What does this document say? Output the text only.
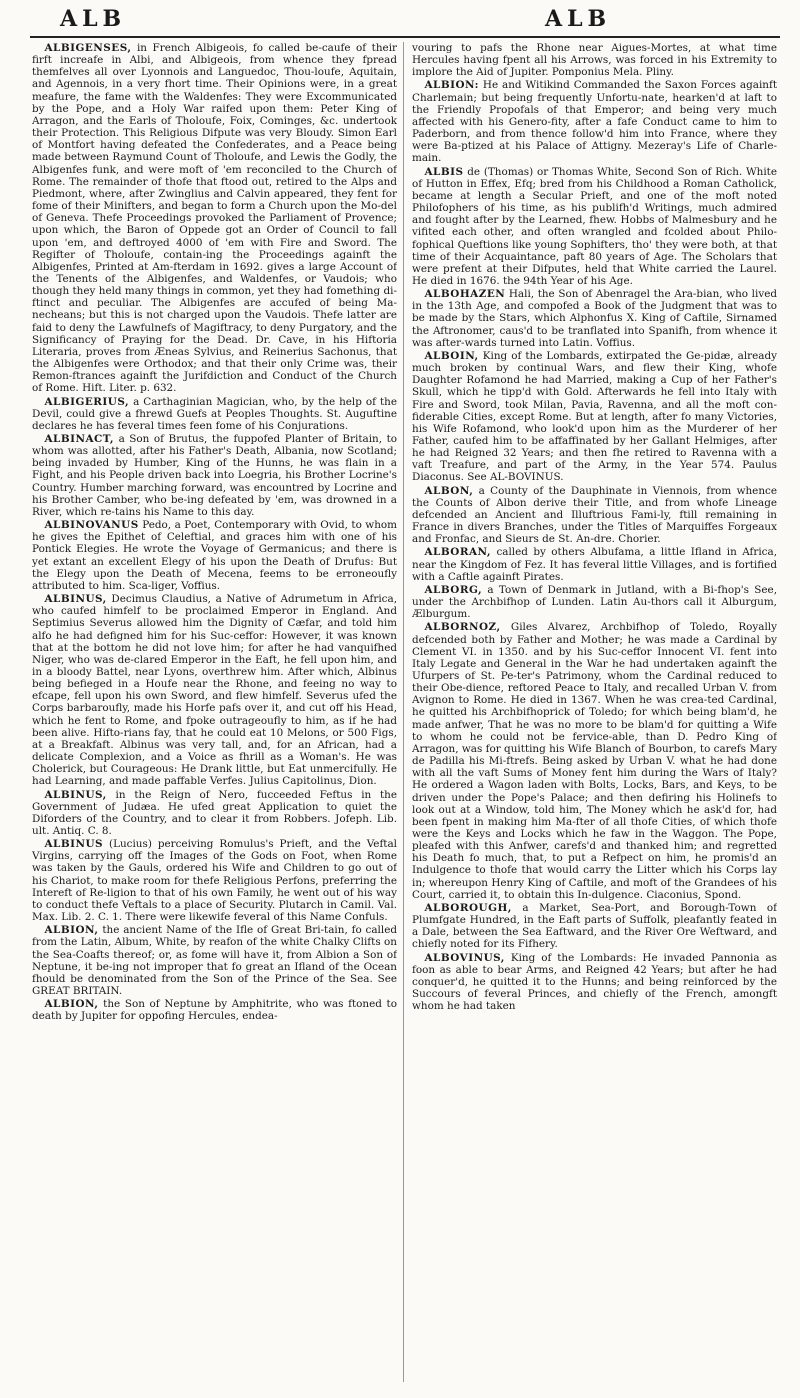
ALB	ALB

ALBIGENSES, in French Albigeois, fo called be-caufe of their firft increafe in Albi, and Albigeois, from whence they fpread themfelves all over Lyonnois and Languedoc, Thou-loufe, Aquitain, and Agennois, in a very fhort time. Their Opinions were, in a great meafure, the fame with the Waldenfes: They were Excommunicated by the Pope, and a Holy War raifed upon them: Peter King of Arragon, and the Earls of Tholoufe, Foix, Cominges, &c. undertook their Protection. This Religious Difpute was very Bloudy. Simon Earl of Montfort having defeated the Confederates, and a Peace being made between Raymund Count of Tholoufe, and Lewis the Godly, the Albigenfes funk, and were moft of 'em reconciled to the Church of Rome. The remainder of thofe that ftood out, retired to the Alps and Piedmont, where, after Zwinglius and Calvin appeared, they fent for fome of their Minifters, and began to form a Church upon the Mo-del of Geneva. Thefe Proceedings provoked the Parliament of Provence; upon which, the Baron of Oppede got an Order of Council to fall upon 'em, and deftroyed 4000 of 'em with Fire and Sword. The Regifter of Tholoufe, contain-ing the Proceedings againft the Albigenfes, Printed at Am-fterdam in 1692. gives a large Account of the Tenents of the Albigenfes, and Waldenfes, or Vaudois; who though they held many things in common, yet they had fomething di-ftinct and peculiar. The Albigenfes are accufed of being Ma-necheans; but this is not charged upon the Vaudois. Thefe latter are faid to deny the Lawfulnefs of Magiftracy, to deny Purgatory, and the Significancy of Praying for the Dead. Dr. Cave, in his Hiftoria Literaria, proves from Æneas Sylvius, and Reinerius Sachonus, that the Albigenfes were Orthodox; and that their only Crime was, their Remon-ftrances againft the Jurifdiction and Conduct of the Church of Rome. Hift. Liter. p. 632.

ALBIGERIUS, a Carthaginian Magician, who, by the help of the Devil, could give a fhrewd Guefs at Peoples Thoughts. St. Auguftine declares he has feveral times feen fome of his Conjurations.

ALBINACT, a Son of Brutus, the fuppofed Planter of Britain, to whom was allotted, after his Father's Death, Albania, now Scotland; being invaded by Humber, King of the Hunns, he was flain in a Fight, and his People driven back into Loegria, his Brother Locrine's Country. Humber marching forward, was encountred by Locrine and his Brother Camber, who be-ing defeated by 'em, was drowned in a River, which re-tains his Name to this day.

ALBINOVANUS Pedo, a Poet, Contemporary with Ovid, to whom he gives the Epithet of Celeftial, and graces him with one of his Pontick Elegies. He wrote the Voyage of Germanicus; and there is yet extant an excellent Elegy of his upon the Death of Drufus: But the Elegy upon the Death of Mecena, feems to be erroneoufly attributed to him. Sca-liger, Voffius.

ALBINUS, Decimus Claudius, a Native of Adrumetum in Africa, who caufed himfelf to be proclaimed Emperor in England. And Septimius Severus allowed him the Dignity of Cæfar, and told him alfo he had defigned him for his Suc-ceffor: However, it was known that at the bottom he did not love him; for after he had vanquifhed Niger, who was de-clared Emperor in the Eaft, he fell upon him, and in a bloody Battel, near Lyons, overthrew him. After which, Albinus being befieged in a Houfe near the Rhone, and feeing no way to efcape, fell upon his own Sword, and flew himfelf. Severus ufed the Corps barbaroufly, made his Horfe pafs over it, and cut off his Head, which he fent to Rome, and fpoke outrageoufly to him, as if he had been alive. Hifto-rians fay, that he could eat 10 Melons, or 500 Figs, at a Breakfaft. Albinus was very tall, and, for an African, had a delicate Complexion, and a Voice as fhrill as a Woman's. He was Cholerick, but Courageous: He Drank little, but Eat unmercifully. He had Learning, and made paffable Verfes. Julius Capitolinus, Dion.

ALBINUS, in the Reign of Nero, fucceeded Feftus in the Government of Judæa. He ufed great Application to quiet the Diforders of the Country, and to clear it from Robbers. Jofeph. Lib. ult. Antiq. C. 8.

ALBINUS (Lucius) perceiving Romulus's Prieft, and the Veftal Virgins, carrying off the Images of the Gods on Foot, when Rome was taken by the Gauls, ordered his Wife and Children to go out of his Chariot, to make room for thefe Religious Perfons, preferring the Intereft of Re-ligion to that of his own Family, he went out of his way to conduct thefe Veftals to a place of Security. Plutarch in Camil. Val. Max. Lib. 2. C. 1. There were likewife feveral of this Name Confuls.

ALBION, the ancient Name of the Ifle of Great Bri-tain, fo called from the Latin, Album, White, by reafon of the white Chalky Clifts on the Sea-Coafts thereof; or, as fome will have it, from Albion a Son of Neptune, it be-ing not improper that fo great an Ifland of the Ocean fhould be denominated from the Son of the Prince of the Sea. See GREAT BRITAIN.

ALBION, the Son of Neptune by Amphitrite, who was ftoned to death by Jupiter for oppofing Hercules, endea-

vouring to pafs the Rhone near Aigues-Mortes, at what time Hercules having fpent all his Arrows, was forced in his Extremity to implore the Aid of Jupiter. Pomponius Mela. Pliny.

ALBION: He and Witikind Commanded the Saxon Forces againft Charlemain; but being frequently Unfortu-nate, hearken'd at laft to the Friendly Propofals of that Emperor; and being very much affected with his Genero-fity, after a fafe Conduct came to him to Paderborn, and from thence follow'd him into France, where they were Ba-ptized at his Palace of Attigny. Mezeray's Life of Charle-main.

ALBIS de (Thomas) or Thomas White, Second Son of Rich. White of Hutton in Effex, Efq; bred from his Childhood a Roman Catholick, became at length a Secular Prieft, and one of the moft noted Philofophers of his time, as his publifh'd Writings, much admired and fought after by the Learned, fhew. Hobbs of Malmesbury and he vifited each other, and often wrangled and fcolded about Philo-fophical Queftions like young Sophifters, tho' they were both, at that time of their Acquaintance, paft 80 years of Age. The Scholars that were prefent at their Difputes, held that White carried the Laurel. He died in 1676. the 94th Year of his Age.

ALBOHAZEN Hali, the Son of Abenragel the Ara-bian, who lived in the 13th Age, and compofed a Book of the Judgment that was to be made by the Stars, which Alphonfus X. King of Caftile, Sirnamed the Aftronomer, caus'd to be tranflated into Spanifh, from whence it was after-wards turned into Latin. Voffius.

ALBOIN, King of the Lombards, extirpated the Ge-pidæ, already much broken by continual Wars, and flew their King, whofe Daughter Rofamond he had Married, making a Cup of her Father's Skull, which he tipp'd with Gold. Afterwards he fell into Italy with Fire and Sword, took Milan, Pavia, Ravenna, and all the moft con-fiderable Cities, except Rome. But at length, after fo many Victories, his Wife Rofamond, who look'd upon him as the Murderer of her Father, caufed him to be affaffinated by her Gallant Helmiges, after he had Reigned 32 Years; and then fhe retired to Ravenna with a vaft Treafure, and part of the Army, in the Year 574. Paulus Diaconus. See AL-BOVINUS.

ALBON, a County of the Dauphinate in Viennois, from whence the Counts of Albon derive their Title, and from whofe Lineage defcended an Ancient and Illuftrious Fami-ly, ftill remaining in France in divers Branches, under the Titles of Marquiffes Forgeaux and Fronfac, and Sieurs de St. An-dre. Chorier.

ALBORAN, called by others Albufama, a little Ifland in Africa, near the Kingdom of Fez. It has feveral little Villages, and is fortified with a Caftle againft Pirates.

ALBORG, a Town of Denmark in Jutland, with a Bi-fhop's See, under the Archbifhop of Lunden. Latin Au-thors call it Alburgum, Ælburgum.

ALBORNOZ, Giles Alvarez, Archbifhop of Toledo, Royally defcended both by Father and Mother; he was made a Cardinal by Clement VI. in 1350. and by his Suc-ceffor Innocent VI. fent into Italy Legate and General in the War he had undertaken againft the Ufurpers of St. Pe-ter's Patrimony, whom the Cardinal reduced to their Obe-dience, reftored Peace to Italy, and recalled Urban V. from Avignon to Rome. He died in 1367. When he was crea-ted Cardinal, he quitted his Archbifhoprick of Toledo; for which being blam'd, he made anfwer, That he was no more to be blam'd for quitting a Wife to whom he could not be fervice-able, than D. Pedro King of Arragon, was for quitting his Wife Blanch of Bourbon, to carefs Mary de Padilla his Mi-ftrefs. Being asked by Urban V. what he had done with all the vaft Sums of Money fent him during the Wars of Italy? He ordered a Wagon laden with Bolts, Locks, Bars, and Keys, to be driven under the Pope's Palace; and then defiring his Holinefs to look out at a Window, told him, The Money which he ask'd for, had been fpent in making him Ma-fter of all thofe Cities, of which thofe were the Keys and Locks which he faw in the Waggon. The Pope, pleafed with this Anfwer, carefs'd and thanked him; and regretted his Death fo much, that, to put a Refpect on him, he promis'd an Indulgence to thofe that would carry the Litter which his Corps lay in; whereupon Henry King of Caftile, and moft of the Grandees of his Court, carried it, to obtain this In-dulgence. Ciaconius, Spond.

ALBOROUGH, a Market, Sea-Port, and Borough-Town of Plumfgate Hundred, in the Eaft parts of Suffolk, pleafantly feated in a Dale, between the Sea Eaftward, and the River Ore Weftward, and chiefly noted for its Fifhery.

ALBOVINUS, King of the Lombards: He invaded Pannonia as foon as able to bear Arms, and Reigned 42 Years; but after he had conquer'd, he quitted it to the Hunns; and being reinforced by the Succours of feveral Princes, and chiefly of the French, amongft whom he had taken
